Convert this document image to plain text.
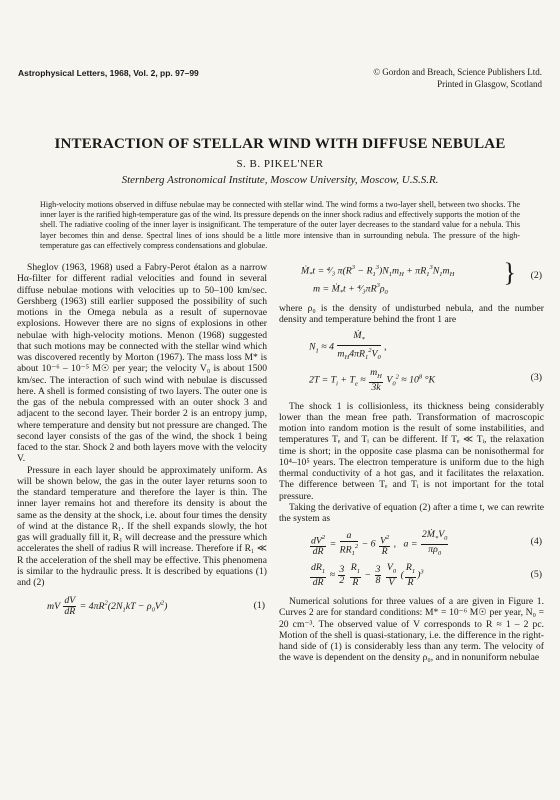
Astrophysical Letters, 1968, Vol. 2, pp. 97–99	© Gordon and Breach, Science Publishers Ltd.
Printed in Glasgow, Scotland
INTERACTION OF STELLAR WIND WITH DIFFUSE NEBULAE
S. B. PIKEL'NER
Sternberg Astronomical Institute, Moscow University, Moscow, U.S.S.R.
High-velocity motions observed in diffuse nebulae may be connected with stellar wind. The wind forms a two-layer shell, between two shocks. The inner layer is the rarified high-temperature gas of the wind. Its pressure depends on the inner shock radius and effectively supports the motion of the shell. The radiative cooling of the inner layer is insignificant. The temperature of the outer layer decreases to the standard value for a nebula. This layer becomes thin and dense. Spectral lines of ions should be a little more intensive than in surrounding nebula. The pressure of the high-temperature gas can effectively compress condensations and globulae.

Sheglov (1963, 1968) used a Fabry-Perot étalon as a narrow Hα-filter for different radial velocities and found in several diffuse nebulae motions with velocities up to 50–100 km/sec. Gershberg (1963) still earlier supposed the possibility of such motions in the Omega nebula as a result of supernovae explosions. However there are no signs of explosions in other nebulae with high-velocity motions. Menon (1968) suggested that such motions may be connected with the stellar wind which was discovered recently by Morton (1967). The mass loss M* is about 10⁻⁶ – 10⁻⁵ M☉ per year; the velocity V₀ is about 1500 km/sec. The interaction of such wind with nebulae is discussed here. A shell is formed consisting of two layers. The outer one is the gas of the nebula compressed with an outer shock 3 and adjacent to the second layer. Their border 2 is an entropy jump, where temperature and density but not pressure are changed. The second layer consists of the gas of the wind, the shock 1 being faced to the star. Shock 2 and both layers move with the velocity V.

Pressure in each layer should be approximately uniform. As will be shown below, the gas in the outer layer returns soon to the standard temperature and therefore the layer is thin. The inner layer remains hot and therefore its density is about the same as the density at the shock, i.e. about four times the density of wind at the distance R₁. If the shell expands slowly, the hot gas will gradually fill it, R₁ will decrease and the pressure which accelerates the shell of radius R will increase. Therefore if R₁ ≪ R the acceleration of the shell may be effective. This phenomena is similar to the hydraulic press. It is described by equations (1) and (2)

mV $\frac{dV}{dR} = 4\pi R^2(2N_1kT - \rho_0V^2)$	(1)
Ṁ$_*$t = ⁴⁄₃ $\pi(R^3 - R_1^3)N_1m_H + \pi R_1^3N_1m_H$
m = Ṁ$_*$t + $^4⁄_3\pi R^3\rho_0$
} (2)

where ρ₀ is the density of undisturbed nebula, and the number density and temperature behind the front 1 are

$N_1 \approx 4 \frac{Ṁ_*}{m_H4\pi R_1^2V_0}$ ,
$2T = T_i + T_e \approx \frac{m_H}{3k} V_0^2 \approx 10^8$ °K	(3)

The shock 1 is collisionless, its thickness being considerably lower than the mean free path. Transformation of macroscopic motion into random motion is the result of some instabilities, and temperatures Tₑ and Tᵢ can be different. If Tₑ ≪ Tᵢ, the relaxation time is short; in the opposite case plasma can be nonisothermal for 10⁴–10⁵ years. The electron temperature is uniform due to the high thermal conductivity of a hot gas, and it facilitates the relaxation. The difference between Tₑ and Tᵢ is not important for the total pressure.

Taking the derivative of equation (2) after a time t, we can rewrite the system as

$\frac{dV^2}{dR} = \frac{a}{RR_1^2} - 6 \frac{V^2}{R}$ ,   $a = \frac{2Ṁ_*V_0}{\pi\rho_0}$	(4)
$\frac{dR_1}{dR} \approx \frac{3}{2}$
$\frac{R_1}{R} - \frac{3}{8}$
$\frac{V_0}{V}$ ( $\frac{R_1}{R} )^3$	(5)

Numerical solutions for three values of a are given in Figure 1. Curves 2 are for standard conditions: M* = 10⁻⁶ M☉ per year, N₀ = 20 cm⁻³. The observed value of V corresponds to R ≈ 1 – 2 pc. Motion of the shell is quasi-stationary, i.e. the difference in the right-hand side of (1) is considerably less than any term. The velocity of the wave is dependent on the density ρ₀, and in nonuniform nebulae
